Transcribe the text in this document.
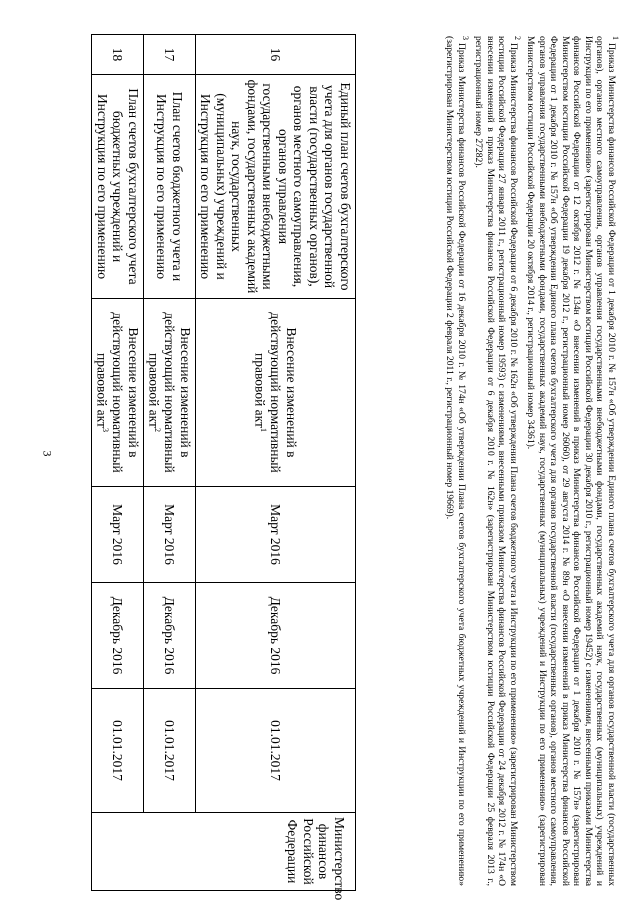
3
16	Единый план счетов бухгалтерского учета для органов государственной власти (государственных органов), органов местного самоуправления, органов управления государственными внебюджетными фондами, государственных академий наук, государственных (муниципальных) учреждений и Инструкция по его применению	Внесение изменений в действующий нормативный правовой акт$^1$	Март 2016	Декабрь 2016	01.01.2017	Министерство финансов Российской Федерации
17	План счетов бюджетного учета и Инструкция по его применению	Внесение изменений в действующий нормативный правовой акт$^2$	Март 2016	Декабрь 2016	01.01.2017	
18	План счетов бухгалтерского учета бюджетных учреждений и Инструкция по его применению	Внесение изменений в действующий нормативный правовой акт$^3$	Март 2016	Декабрь 2016	01.01.2017	

$^1$Приказ Министерства финансов Российской Федерации от 1 декабря 2010 г. № 157н «Об утверждении Единого плана счетов бухгалтерского учета для органов государственной власти (государственных органов), органов местного самоуправления, органов управления государственными внебюджетными фондами, государственных академий наук, государственных (муниципальных) учреждений и Инструкции по его применению» (зарегистрирован Министерством юстиции Российской Федерации 30 декабря 2010 г., регистрационный номер 19452) с изменениями, внесенными приказами Министерства финансов Российской Федерации от 12 октября 2012 г. № 134н «О внесении изменений в приказ Министерства финансов Российской Федерации от 1 декабря 2010 г. № 157н» (зарегистрирован Министерством юстиции Российской Федерации 19 декабря 2012 г., регистрационный номер 26060), от 29 августа 2014 г. № 89н «О внесении изменений в приказ Министерства финансов Российской Федерации от 1 декабря 2010 г. № 157н «Об утверждении Единого плана счетов бухгалтерского учета для органов государственной власти (государственных органов), органов местного самоуправления, органов управления государственными внебюджетными фондами, государственных академий наук, государственных (муниципальных) учреждений и Инструкции по его применению» (зарегистрирован Министерством юстиции Российской Федерации 20 октября 2014 г., регистрационный номер 34361).

$^2$Приказ Министерства финансов Российской Федерации от 6 декабря 2010 г. № 162н «Об утверждении Плана счетов бюджетного учета и Инструкции по его применению» (зарегистрирован Министерством юстиции Российской Федерации 27 января 2011 г., регистрационный номер 19593) с изменениями, внесенными приказом Министерства финансов Российской Федерации от 24 декабря 2012 г. № 174н «О внесении изменений в приказ Министерства финансов Российской Федерации от 6 декабря 2010 г. № 162н» (зарегистрирован Министерством юстиции Российской Федерации 25 февраля 2013 г., регистрационный номер 27282).

$^3$Приказ Министерства финансов Российской Федерации от 16 декабря 2010 г. № 174н «Об утверждении Плана счетов бухгалтерского учета бюджетных учреждений и Инструкции по его применению» (зарегистрирован Министерством юстиции Российской Федерации 2 февраля 2011 г., регистрационный номер 19669).
